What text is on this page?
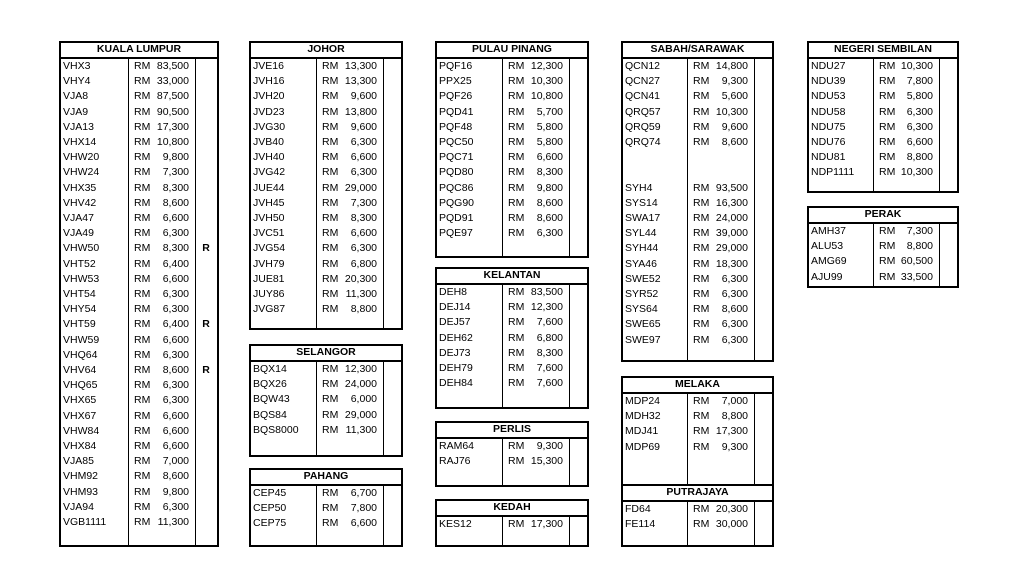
KUALA LUMPUR
VHX3	RM 83,500
VHY4	RM 33,000
VJA8	RM 87,500
VJA9	RM 90,500
VJA13	RM 17,300
VHX14	RM 10,800
VHW20	RM 9,800
VHW24	RM 7,300
VHX35	RM 8,300
VHV42	RM 8,600
VJA47	RM 6,600
VJA49	RM 6,300
VHW50	RM 8,300	R
VHT52	RM 6,400
VHW53	RM 6,600
VHT54	RM 6,300
VHY54	RM 6,300
VHT59	RM 6,400	R
VHW59	RM 6,600
VHQ64	RM 6,300
VHV64	RM 8,600	R
VHQ65	RM 6,300
VHX65	RM 6,300
VHX67	RM 6,600
VHW84	RM 6,600
VHX84	RM 6,600
VJA85	RM 7,000
VHM92	RM 8,600
VHM93	RM 9,800
VJA94	RM 6,300
VGB1111	RM 11,300
JOHOR
JVE16	RM 13,300
JVH16	RM 13,300
JVH20	RM 9,600
JVD23	RM 13,800
JVG30	RM 9,600
JVB40	RM 6,300
JVH40	RM 6,600
JVG42	RM 6,300
JUE44	RM 29,000
JVH45	RM 7,300
JVH50	RM 8,300
JVC51	RM 6,600
JVG54	RM 6,300
JVH79	RM 6,800
JUE81	RM 20,300
JUY86	RM 11,300
JVG87	RM 8,800
SELANGOR
BQX14	RM 12,300
BQX26	RM 24,000
BQW43	RM 6,000
BQS84	RM 29,000
BQS8000 RM 11,300
PAHANG
CEP45	RM 6,700
CEP50	RM 7,800
CEP75	RM 6,600
PULAU PINANG
PQF16	RM 12,300
PPX25	RM 10,300
PQF26	RM 10,800
PQD41	RM 5,700
PQF48	RM 5,800
PQC50	RM 5,800
PQC71	RM 6,600
PQD80	RM 8,300
PQC86	RM 9,800
PQG90	RM 8,600
PQD91	RM 8,600
PQE97	RM 6,300
KELANTAN
DEH8	RM 83,500
DEJ14	RM 12,300
DEJ57	RM 7,600
DEH62	RM 6,800
DEJ73	RM 8,300
DEH79	RM 7,600
DEH84	RM 7,600
PERLIS
RAM64	RM 9,300
RAJ76	RM 15,300
KEDAH
KES12	RM 17,300
SABAH/SARAWAK
QCN12	RM 14,800
QCN27	RM 9,300
QCN41	RM 5,600
QRQ57	RM 10,300
QRQ59	RM 9,600
QRQ74	RM 8,600
SYH4	RM 93,500
SYS14	RM 16,300
SWA17	RM 24,000
SYL44	RM 39,000
SYH44	RM 29,000
SYA46	RM 18,300
SWE52	RM 6,300
SYR52	RM 6,300
SYS64	RM 8,600
SWE65	RM 6,300
SWE97	RM 6,300
MELAKA
MDP24	RM 7,000
MDH32	RM 8,800
MDJ41	RM 17,300
MDP69	RM 9,300
PUTRAJAYA
FD64	RM 20,300
FE114	RM 30,000
NEGERI SEMBILAN
NDU27	RM 10,300
NDU39	RM 7,800
NDU53	RM 5,800
NDU58	RM 6,300
NDU75	RM 6,300
NDU76	RM 6,600
NDU81	RM 8,800
NDP1111 RM 10,300
PERAK
AMH37	RM 7,300
ALU53	RM 8,800
AMG69	RM 60,500
AJU99	RM 33,500
